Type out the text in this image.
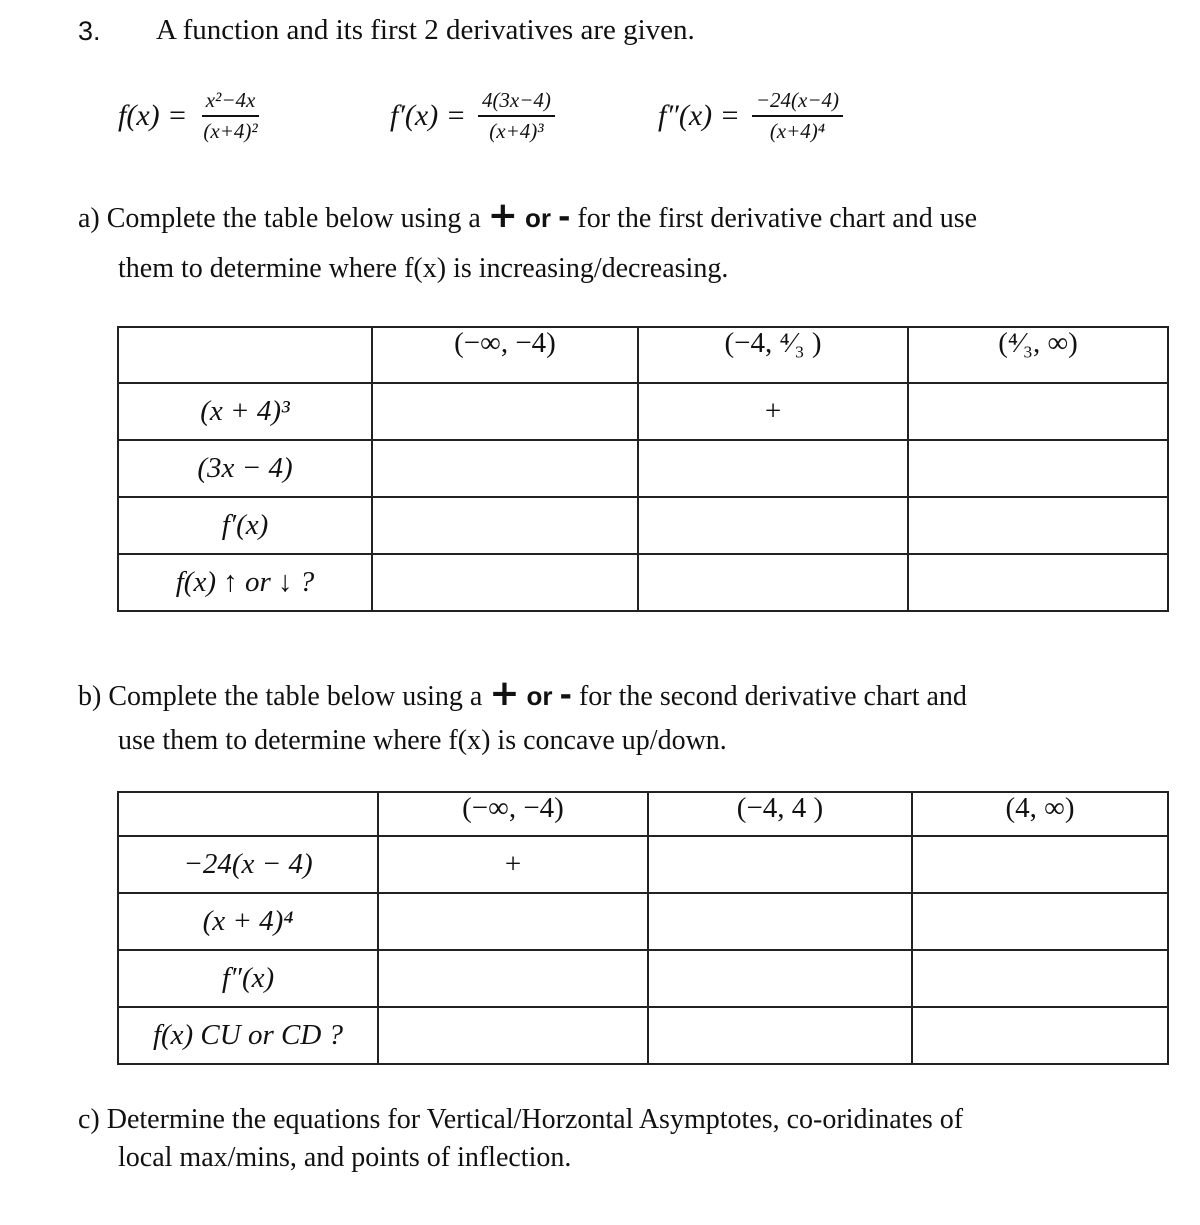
3. A function and its first 2 derivatives are given.
$f(x) = \frac{\text{x²−4x}}{\text{(x+4)²}}$	$f'(x) = \frac{4(3x-4)}{\text{(x+4)³}}$	$f''(x) = \frac{-24(x-4)}{\text{(x+4)⁴}}$
a) Complete the table below using a + or - for the first derivative chart and use
them to determine where f(x) is increasing/decreasing.
	(−∞, −4)	(−4, ⁴⁄₃ )	(⁴⁄₃, ∞)
(x + 4)³		+	
(3x − 4)			
f′(x)			
f(x) ↑ or ↓ ?			
b) Complete the table below using a + or - for the second derivative chart and
use them to determine where f(x) is concave up/down.
	(−∞, −4)	(−4, 4 )	(4, ∞)
−24(x − 4)	+		
(x + 4)⁴			
f″(x)			
f(x) CU or CD ?			
c) Determine the equations for Vertical/Horzontal Asymptotes, co-oridinates of
local max/mins, and points of inflection.
